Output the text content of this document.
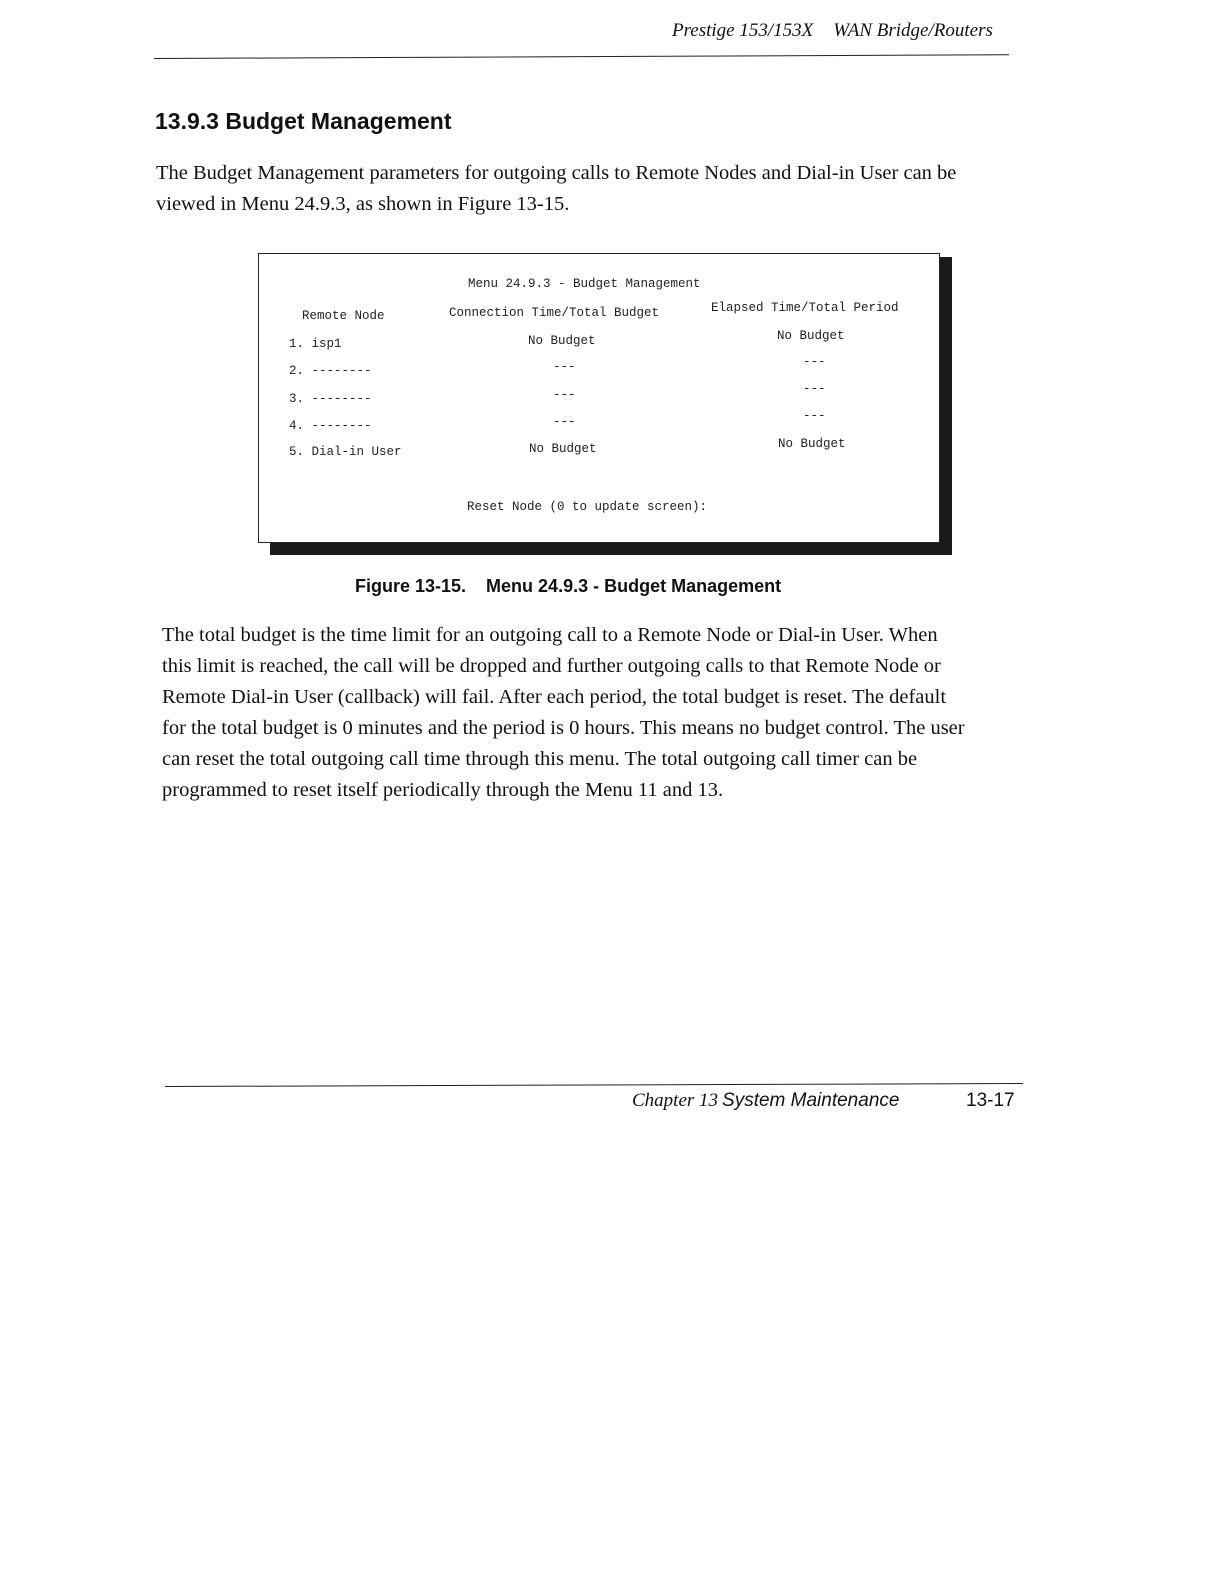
Prestige 153/153X WAN Bridge/Routers
13.9.3 Budget Management
The Budget Management parameters for outgoing calls to Remote Nodes and Dial-in User can be
viewed in Menu 24.9.3, as shown in Figure 13-15.
Menu 24.9.3 - Budget Management
Remote Node	Connection Time/Total Budget	Elapsed Time/Total Period
1. isp1	No Budget	No Budget
2. --------	---	---
3. --------	---	---
4. --------	---	---
5. Dial-in User	No Budget	No Budget
Reset Node (0 to update screen):
Figure 13-15. Menu 24.9.3 - Budget Management
The total budget is the time limit for an outgoing call to a Remote Node or Dial-in User. When
this limit is reached, the call will be dropped and further outgoing calls to that Remote Node or
Remote Dial-in User (callback) will fail. After each period, the total budget is reset. The default
for the total budget is 0 minutes and the period is 0 hours. This means no budget control. The user
can reset the total outgoing call time through this menu. The total outgoing call timer can be
programmed to reset itself periodically through the Menu 11 and 13.
Chapter 13 System Maintenance	13-17
